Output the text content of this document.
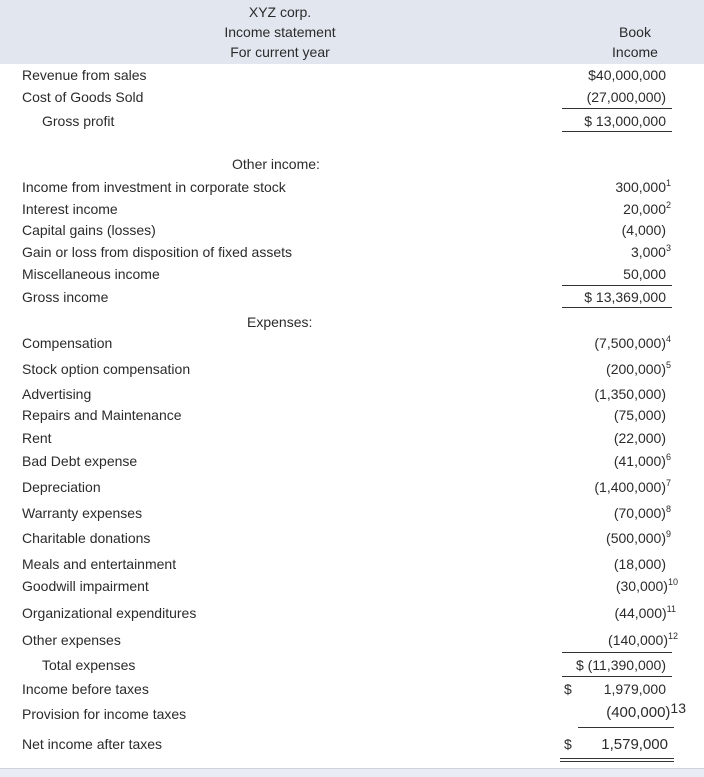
XYZ corp.
Income statement
For current year
Book
Income
Revenue from sales	$40,000,000
Cost of Goods Sold	(27,000,000)
Gross profit	$ 13,000,000
Other income:
Income from investment in corporate stock	300,000$^1$
Interest income	20,000$^2$
Capital gains (losses)	(4,000)
Gain or loss from disposition of fixed assets	3,000$^3$
Miscellaneous income	50,000
Gross income	$ 13,369,000
Expenses:
Compensation	(7,500,000)$^4$
Stock option compensation	(200,000)$^5$
Advertising	(1,350,000)
Repairs and Maintenance	(75,000)
Rent	(22,000)
Bad Debt expense	(41,000)$^6$
Depreciation	(1,400,000)$^7$
Warranty expenses	(70,000)$^8$
Charitable donations	(500,000)$^9$
Meals and entertainment	(18,000)
Goodwill impairment	(30,000)$^{10}$
Organizational expenditures	(44,000)$^{11}$
Other expenses	(140,000)$^{12}$
Total expenses	$ (11,390,000)
Income before taxes	$ 1,979,000
Provision for income taxes	(400,000)$^{13}$
Net income after taxes	$ 1,579,000
